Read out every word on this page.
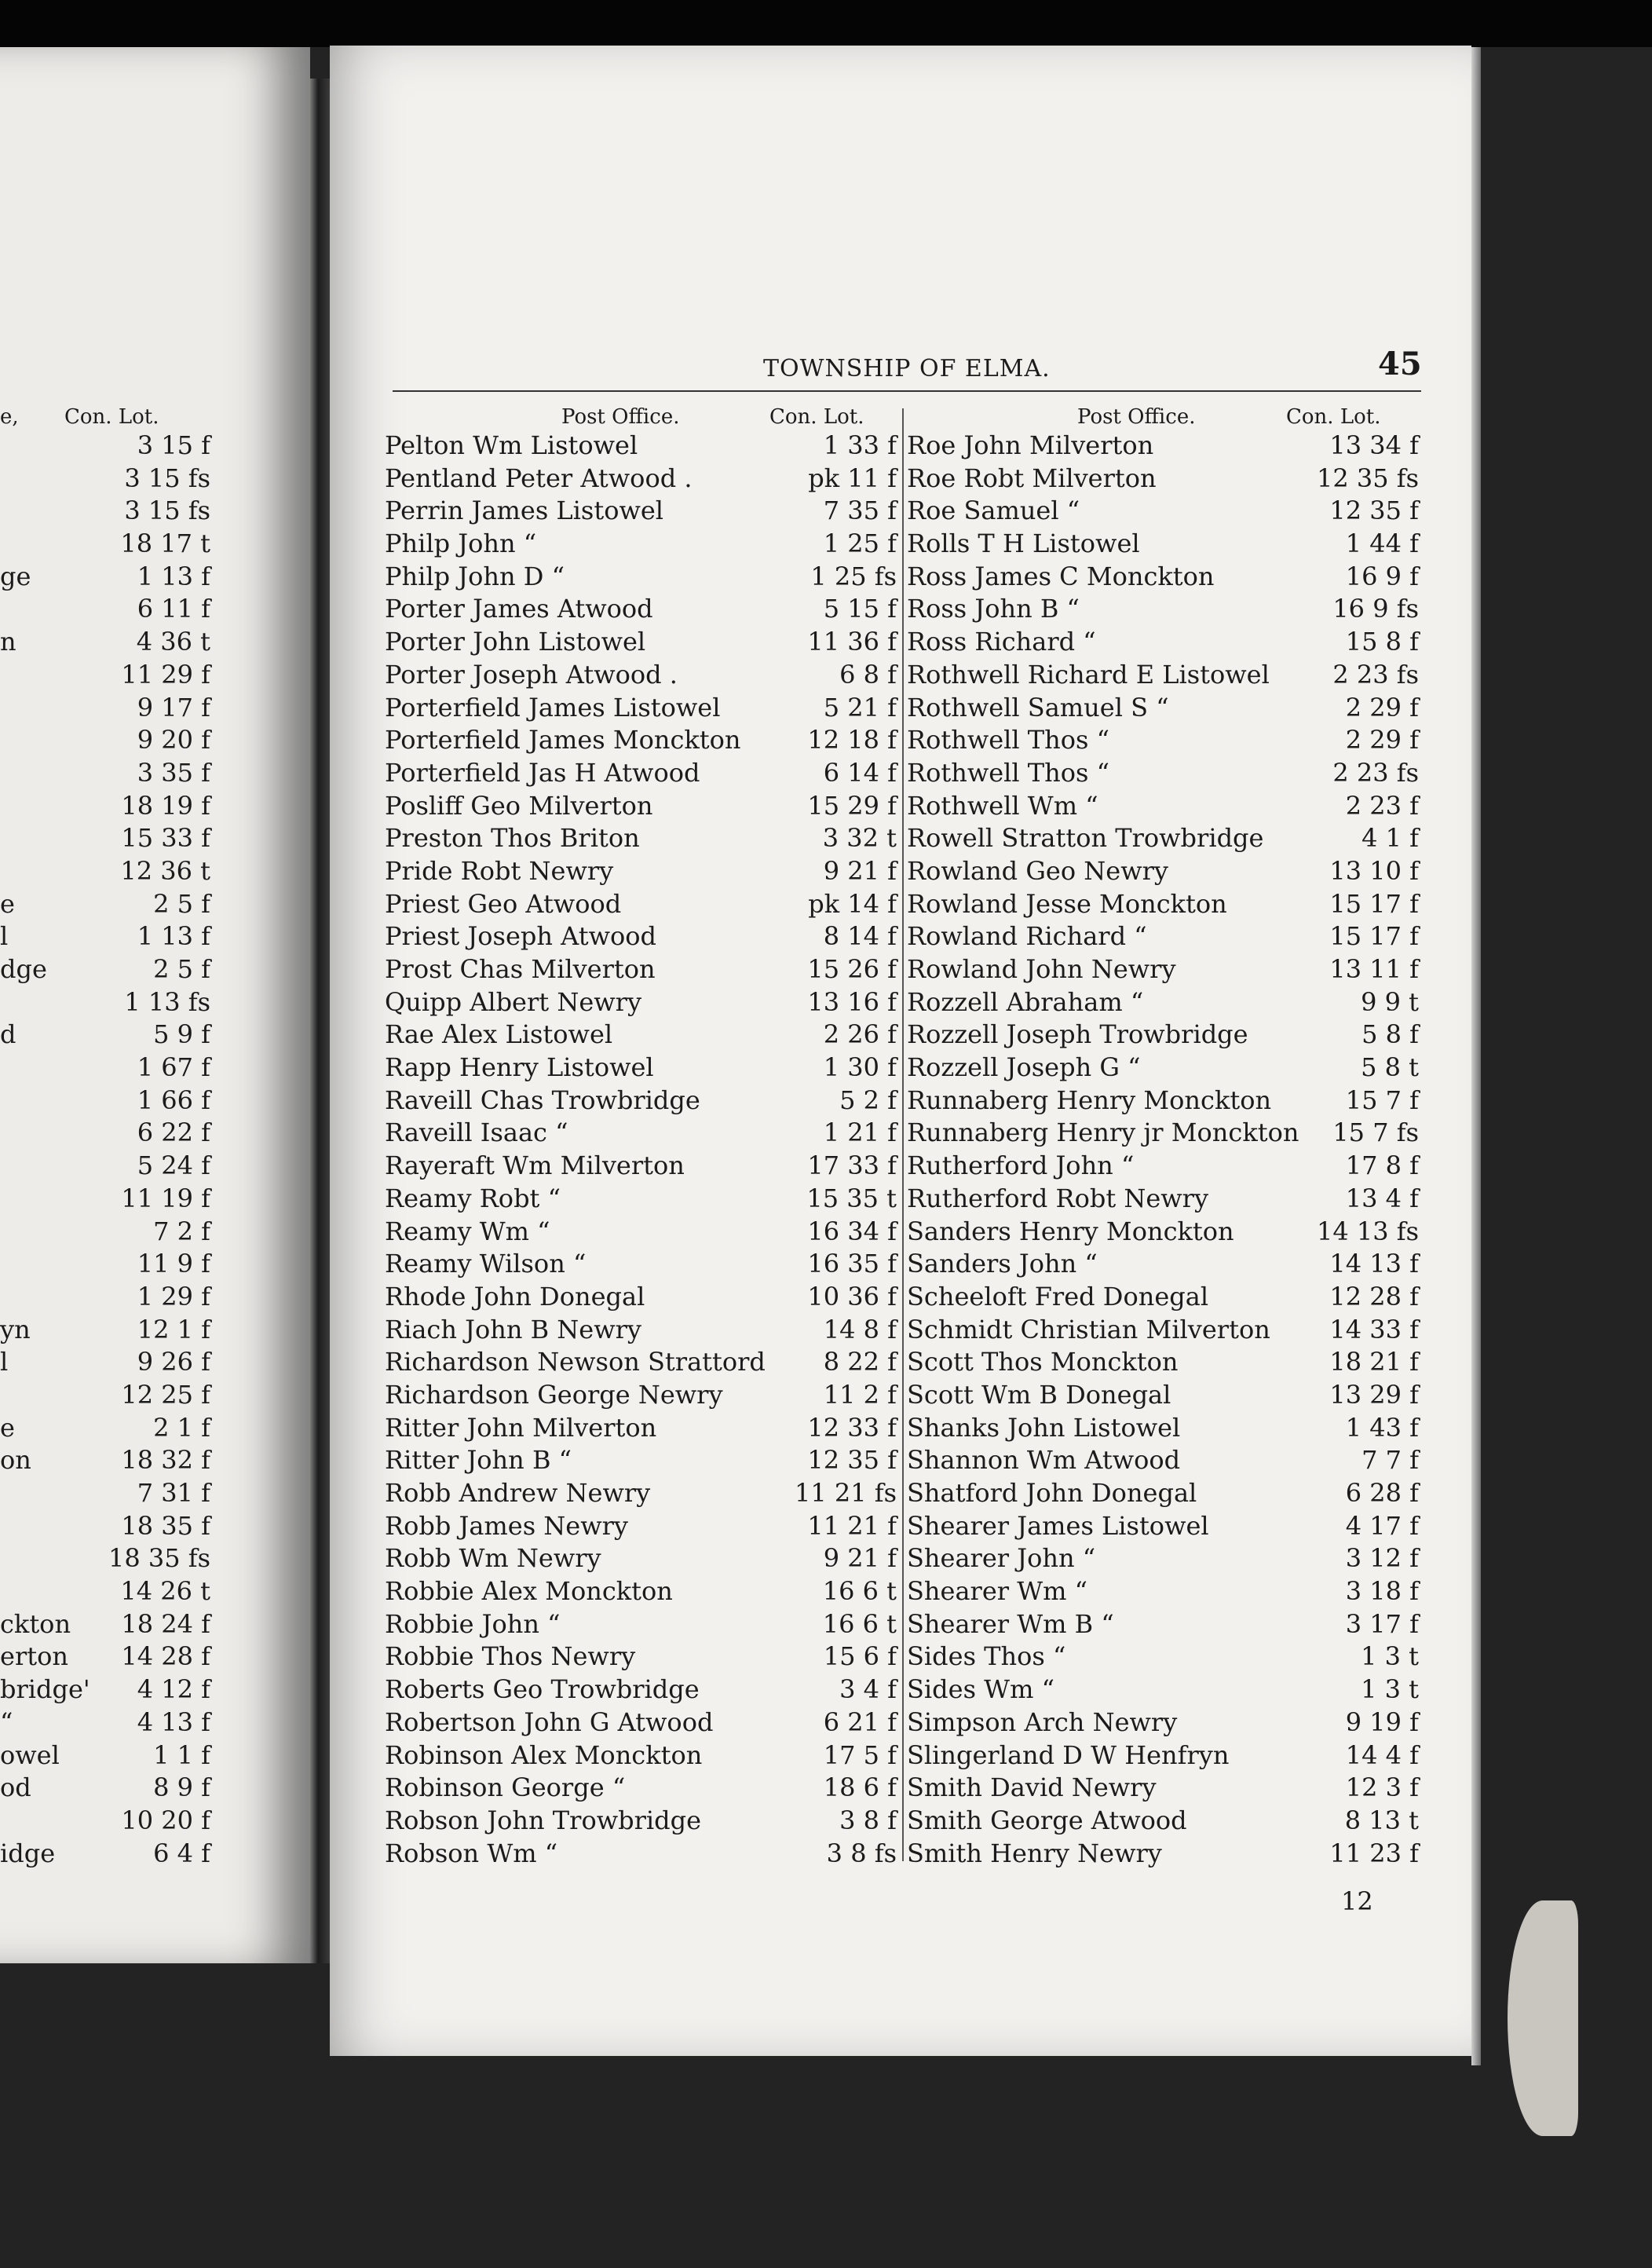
e, Con. Lot.
3 15 f
3 15 fs
3 15 fs
18 17 t
ge	1 13 f
6 11 f
n	4 36 t
11 29 f
9 17 f
9 20 f
3 35 f
18 19 f
15 33 f
12 36 t
e	2 5 f
l	1 13 f
dge	2 5 f
1 13 fs
d	5 9 f
1 67 f
1 66 f
6 22 f
5 24 f
11 19 f
7 2 f
11 9 f
1 29 f
yn	12 1 f
l	9 26 f
12 25 f
e	2 1 f
on	18 32 f
7 31 f
18 35 f
18 35 fs
14 26 t
ckton 18 24 f
erton 14 28 f
bridge' 4 12 f
“	4 13 f
owel	1 1 f
od	8 9 f
10 20 f
idge	6 4 f
TOWNSHIP OF ELMA.	45
Post Office.	Con. Lot.	Post Office.	Con. Lot.
Pelton Wm Listowel	1 33 f
Pentland Peter Atwood .	pk 11 f
Perrin James Listowel	7 35 f
Philp John “	1 25 f
Philp John D “	1 25 fs
Porter James Atwood	5 15 f
Porter John Listowel	11 36 f
Porter Joseph Atwood .	6 8 f
Porterfield James Listowel	5 21 f
Porterfield James Monckton	12 18 f
Porterfield Jas H Atwood	6 14 f
Posliff Geo Milverton	15 29 f
Preston Thos Briton	3 32 t
Pride Robt Newry	9 21 f
Priest Geo Atwood	pk 14 f
Priest Joseph Atwood	8 14 f
Prost Chas Milverton	15 26 f
Quipp Albert Newry	13 16 f
Rae Alex Listowel	2 26 f
Rapp Henry Listowel	1 30 f
Raveill Chas Trowbridge	5 2 f
Raveill Isaac “	1 21 f
Rayeraft Wm Milverton	17 33 f
Reamy Robt “	15 35 t
Reamy Wm “	16 34 f
Reamy Wilson “	16 35 f
Rhode John Donegal	10 36 f
Riach John B Newry	14 8 f
Richardson Newson Strattord 8 22 f
Richardson George Newry	11 2 f
Ritter John Milverton	12 33 f
Ritter John B “	12 35 f
Robb Andrew Newry	11 21 fs
Robb James Newry	11 21 f
Robb Wm Newry	9 21 f
Robbie Alex Monckton	16 6 t
Robbie John “	16 6 t
Robbie Thos Newry	15 6 f
Roberts Geo Trowbridge	3 4 f
Robertson John G Atwood	6 21 f
Robinson Alex Monckton	17 5 f
Robinson George “	18 6 f
Robson John Trowbridge	3 8 f
Robson Wm “	3 8 fs
Roe John Milverton	13 34 f
Roe Robt Milverton	12 35 fs
Roe Samuel “	12 35 f
Rolls T H Listowel	1 44 f
Ross James C Monckton	16 9 f
Ross John B “	16 9 fs
Ross Richard “	15 8 f
Rothwell Richard E Listowel	2 23 fs
Rothwell Samuel S “	2 29 f
Rothwell Thos “	2 29 f
Rothwell Thos “	2 23 fs
Rothwell Wm “	2 23 f
Rowell Stratton Trowbridge	4 1 f
Rowland Geo Newry	13 10 f
Rowland Jesse Monckton	15 17 f
Rowland Richard “	15 17 f
Rowland John Newry	13 11 f
Rozzell Abraham “	9 9 t
Rozzell Joseph Trowbridge	5 8 f
Rozzell Joseph G “	5 8 t
Runnaberg Henry Monckton	15 7 f
Runnaberg Henry jr Monckton 15 7 fs
Rutherford John “	17 8 f
Rutherford Robt Newry	13 4 f
Sanders Henry Monckton	14 13 fs
Sanders John “	14 13 f
Scheeloft Fred Donegal	12 28 f
Schmidt Christian Milverton 14 33 f
Scott Thos Monckton	18 21 f
Scott Wm B Donegal	13 29 f
Shanks John Listowel	1 43 f
Shannon Wm Atwood	7 7 f
Shatford John Donegal	6 28 f
Shearer James Listowel	4 17 f
Shearer John “	3 12 f
Shearer Wm “	3 18 f
Shearer Wm B “	3 17 f
Sides Thos “	1 3 t
Sides Wm “	1 3 t
Simpson Arch Newry	9 19 f
Slingerland D W Henfryn	14 4 f
Smith David Newry	12 3 f
Smith George Atwood	8 13 t
Smith Henry Newry	11 23 f
12
